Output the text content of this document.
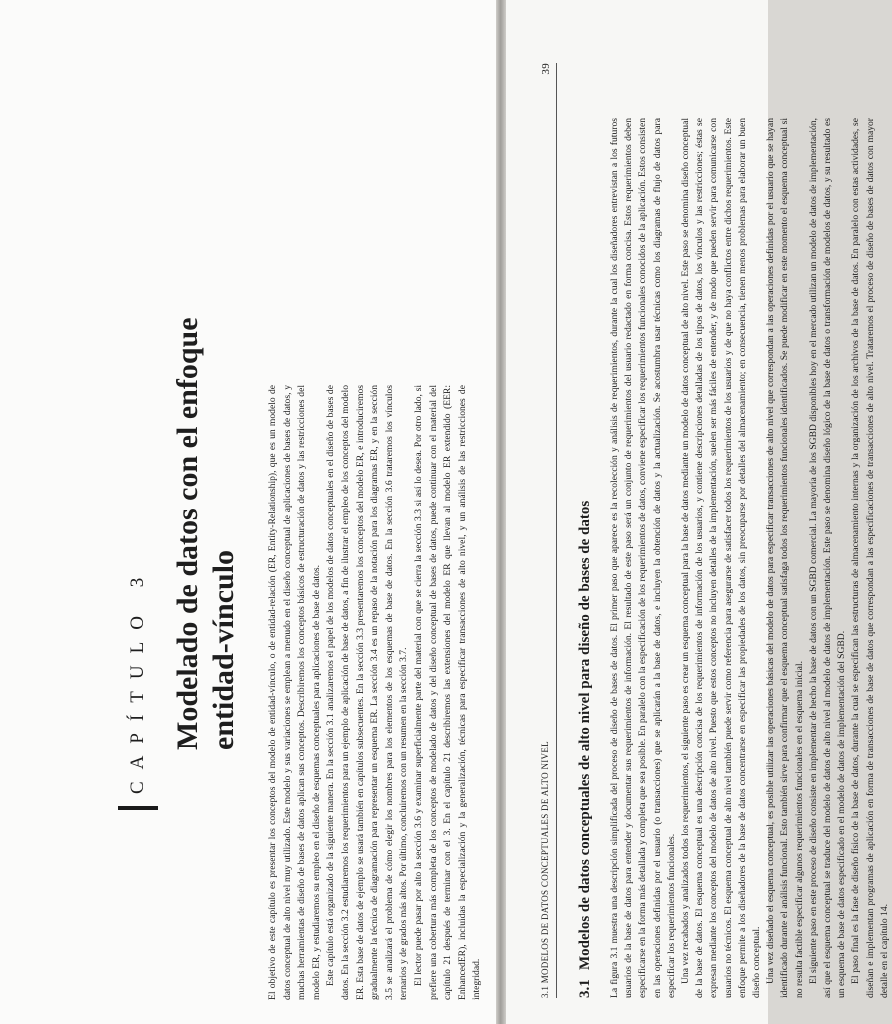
CAPÍTULO 3 Modelado de datos con el enfoque entidad-vínculo	El objetivo de este capítulo es presentar los conceptos del modelo de entidad-vínculo, o de entidad-relación (ER, Entity-Relationship), que es un modelo de datos conceptual de alto nivel muy utilizado. Este modelo y sus variaciones se emplean a menudo en el diseño conceptual de aplicaciones de bases de datos, y muchas herramientas de diseño de bases de datos aplican sus conceptos. Describiremos los conceptos básicos de estructuración de datos y las restricciones del modelo ER, y estudiaremos su empleo en el diseño de esquemas conceptuales para aplicaciones de base de datos. Este capítulo está organizado de la siguiente manera. En la sección 3.1 analizaremos el papel de los modelos de datos conceptuales en el diseño de bases de datos. En la sección 3.2 estudiaremos los requerimientos para un ejemplo de aplicación de base de datos, a fin de ilustrar el empleo de los conceptos del modelo ER. Esta base de datos de ejemplo se usará también en capítulos subsecuentes. En la sección 3.3 presentaremos los conceptos del modelo ER, e introduciremos gradualmente la técnica de diagramación para representar un esquema ER. La sección 3.4 es un repaso de la notación para los diagramas ER, y en la sección 3.5 se analizará el problema de cómo elegir los nombres para los elementos de los esquemas de base de datos. En la sección 3.6 trataremos los vínculos ternarios y de grados más altos. Por último, concluiremos con un resumen en la sección 3.7. El lector puede pasar por alto la sección 3.6 y examinar superficialmente parte del material con que se cierra la sección 3.3 si así lo desea. Por otro lado, si prefiere una cobertura más completa de los conceptos de modelado de datos y del diseño conceptual de bases de datos, puede continuar con el material del capítulo 21 después de terminar con el 3. En el capítulo 21 describiremos las extensiones del modelo ER que llevan al modelo ER extendido (EER: EnhancedER), incluidas la especialización y la generalización, técnicas para especificar transacciones de alto nivel, y un análisis de las restricciones de integridad.	3.1 MODELOS DE DATOS CONCEPTUALES DE ALTO NIVEL
39
3.1
Modelos de datos conceptuales de alto nivel para diseño de bases de datos La figura 3.1 muestra una descripción simplificada del proceso de diseño de bases de datos. El primer paso que aparece es la recolección y análisis de requerimientos, durante la cual los diseñadores entrevistan a los futuros usuarios de la base de datos para entender y documentar sus requerimientos de información. El resultado de este paso será un conjunto de requerimientos del usuario redactado en forma concisa. Estos requerimientos deben especificarse en la forma más detallada y completa que sea posible. En paralelo con la especificación de los requerimientos de datos, conviene especificar los requerimientos funcionales conocidos de la aplicación. Estos consisten en las operaciones definidas por el usuario (o transacciones) que se aplicarán a la base de datos, e incluyen la obtención de datos y la actualización. Se acostumbra usar técnicas como los diagramas de flujo de datos para especificar los requerimientos funcionales. Una vez recabados y analizados todos los requerimientos, el siguiente paso es crear un esquema conceptual para la base de datos mediante un modelo de datos conceptual de alto nivel. Este paso se denomina diseño conceptual de la base de datos. El esquema conceptual es una descripción concisa de los requerimientos de información de los usuarios, y contiene descripciones detalladas de los tipos de datos, los vínculos y las restricciones; éstas se expresan mediante los conceptos del modelo de datos de alto nivel. Puesto que estos conceptos no incluyen detalles de la implementación, suelen ser más fáciles de entender, y de modo que pueden servir para comunicarse con usuarios no técnicos. El esquema conceptual de alto nivel también puede servir como referencia para asegurarse de satisfacer todos los requerimientos de los usuarios y de que no haya conflictos entre dichos requerimientos. Este enfoque permite a los diseñadores de la base de datos concentrarse en especificar las propiedades de los datos, sin preocuparse por detalles del almacenamiento; en consecuencia, tienen menos problemas para elaborar un buen diseño conceptual. Una vez diseñado el esquema conceptual, es posible utilizar las operaciones básicas del modelo de datos para especificar transacciones de alto nivel que correspondan a las operaciones definidas por el usuario que se hayan identificado durante el análisis funcional. Esto también sirve para confirmar que el esquema conceptual satisfaga todos los requerimientos funcionales identificados. Se puede modificar en este momento el esquema conceptual si no resulta factible especificar algunos requerimientos funcionales en el esquema inicial. El siguiente paso en este proceso de diseño consiste en implementar de hecho la base de datos con un SGBD comercial. La mayoría de los SGBD disponibles hoy en el mercado utilizan un modelo de datos de implementación, así que el esquema conceptual se traduce del modelo de datos de alto nivel al modelo de datos de implementación. Este paso se denomina diseño lógico de la base de datos o transformación de modelos de datos, y su resultado es un esquema de base de datos especificado en el modelo de datos de implementación del SGBD. El paso final es la fase de diseño físico de la base de datos, durante la cual se especifican las estructuras de almacenamiento internas y la organización de los archivos de la base de datos. En paralelo con estas actividades, se diseñan e implementan programas de aplicación en forma de transacciones de base de datos que correspondan a las especificaciones de transacciones de alto nivel. Trataremos el proceso de diseño de bases de datos con mayor detalle en el capítulo 14.
